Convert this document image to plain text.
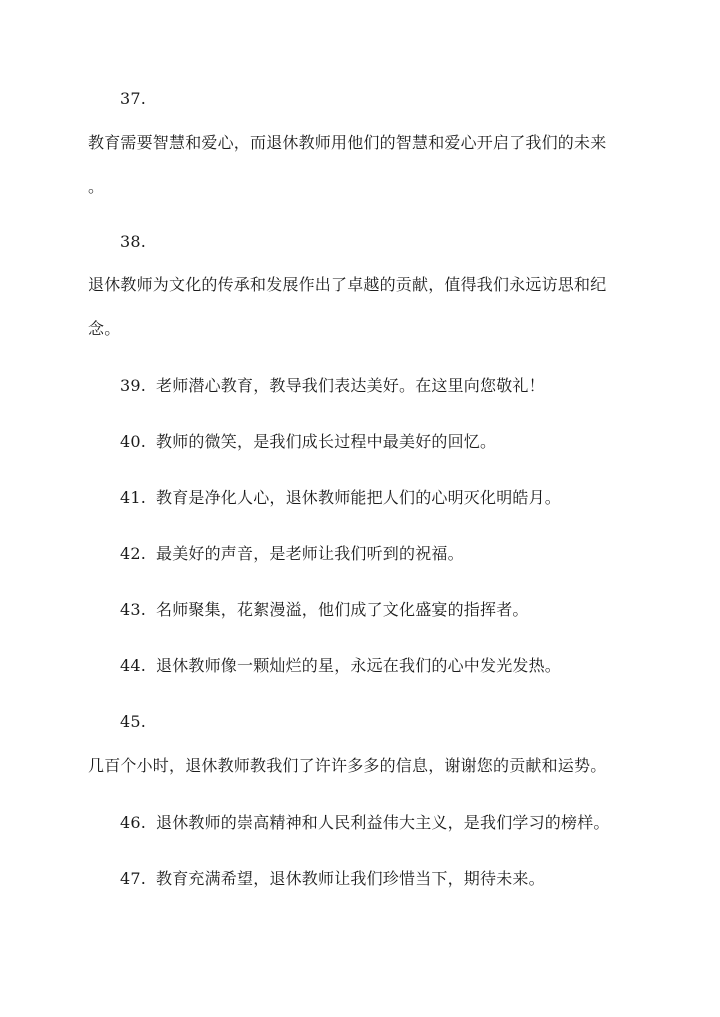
37.
教育需要智慧和爱心，而退休教师用他们的智慧和爱心开启了我们的未来
。
38.
退休教师为文化的传承和发展作出了卓越的贡献，值得我们永远访思和纪
念。
39. 老师潜心教育，教导我们表达美好。在这里向您敬礼！
40. 教师的微笑，是我们成长过程中最美好的回忆。
41. 教育是净化人心，退休教师能把人们的心明灭化明皓月。
42. 最美好的声音，是老师让我们听到的祝福。
43. 名师聚集，花絮漫溢，他们成了文化盛宴的指挥者。
44. 退休教师像一颗灿烂的星，永远在我们的心中发光发热。
45.
几百个小时，退休教师教我们了许许多多的信息，谢谢您的贡献和运势。
46. 退休教师的崇高精神和人民利益伟大主义，是我们学习的榜样。
47. 教育充满希望，退休教师让我们珍惜当下，期待未来。
